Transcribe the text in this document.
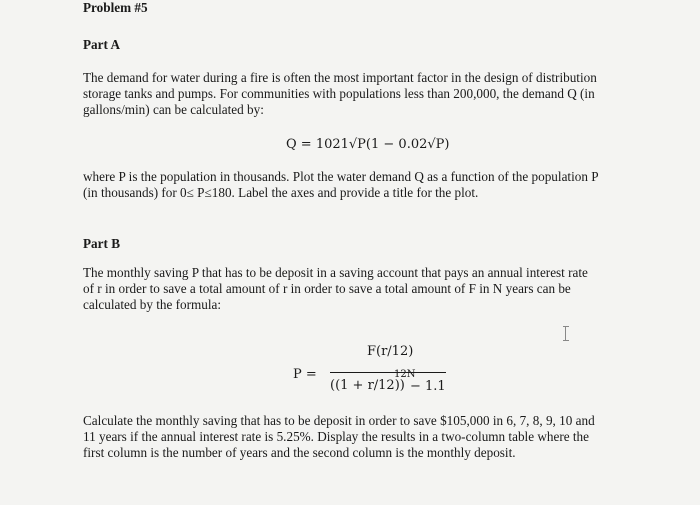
Problem #5
Part A
The demand for water during a fire is often the most important factor in the design of distribution
storage tanks and pumps. For communities with populations less than 200,000, the demand Q (in
gallons/min) can be calculated by:
Q = 1021√P(1 − 0.02√P)
where P is the population in thousands. Plot the water demand Q as a function of the population P
(in thousands) for 0≤ P≤180. Label the axes and provide a title for the plot.
Part B
The monthly saving P that has to be deposit in a saving account that pays an annual interest rate
of r in order to save a total amount of r in order to save a total amount of F in N years can be
calculated by the formula:
P =
F(r/12)
((1 + r/12))
12N
− 1.1
Calculate the monthly saving that has to be deposit in order to save $105,000 in 6, 7, 8, 9, 10 and
11 years if the annual interest rate is 5.25%. Display the results in a two-column table where the
first column is the number of years and the second column is the monthly deposit.
